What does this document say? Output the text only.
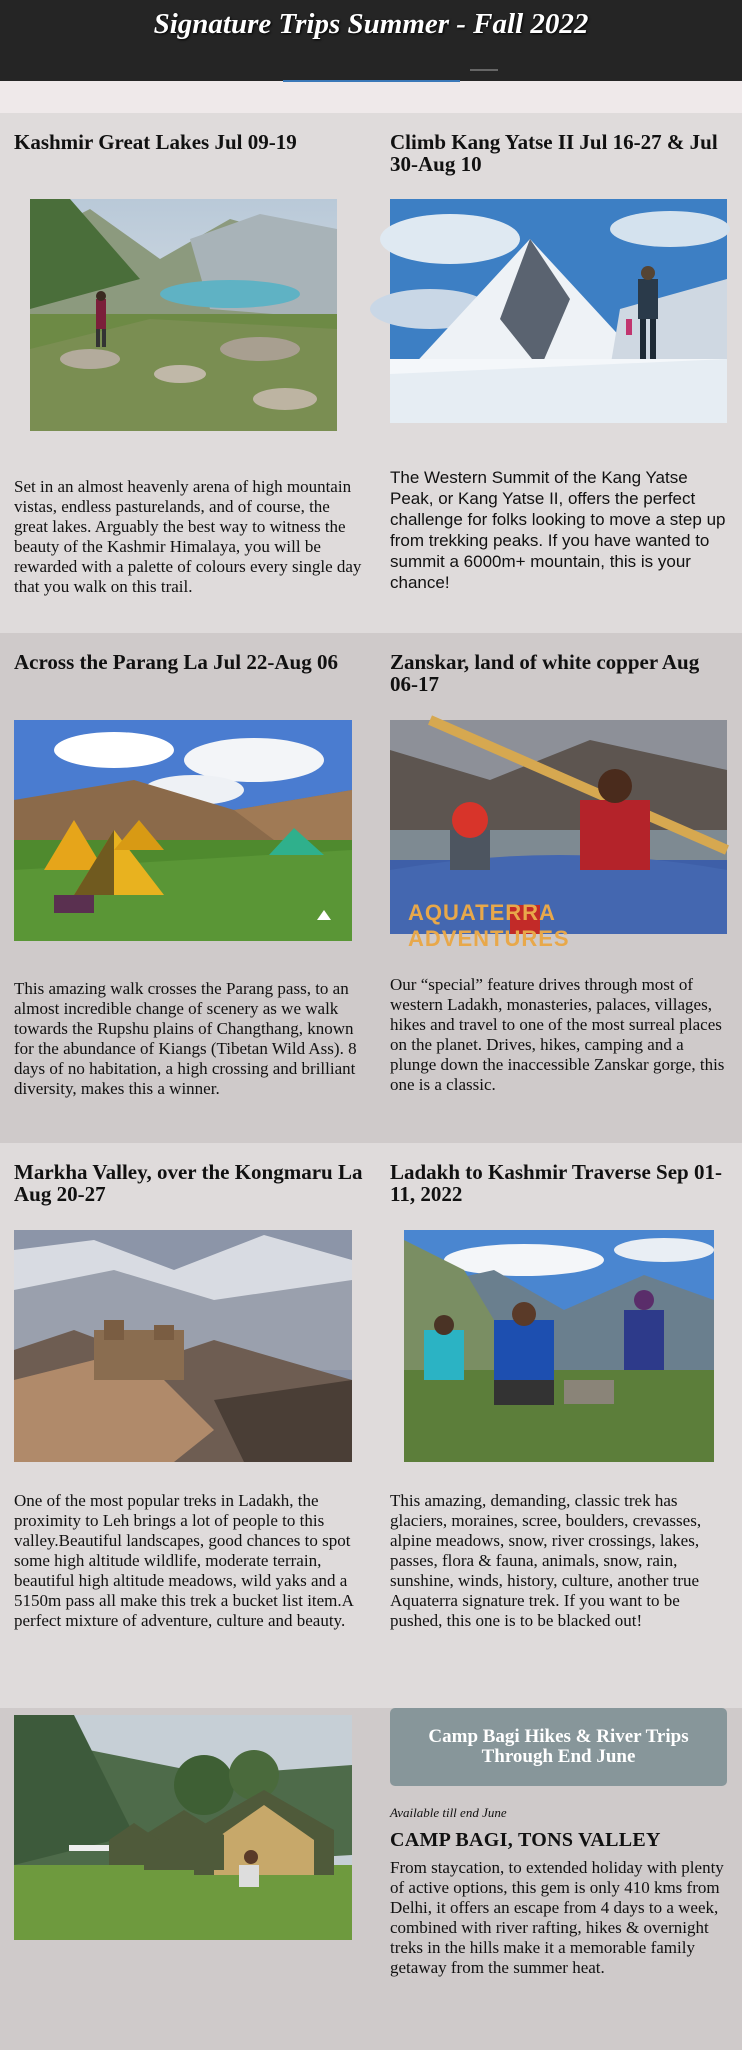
Signature Trips Summer - Fall 2022
Kashmir Great Lakes Jul 09-19
Set in an almost heavenly arena of high mountain vistas, endless pasturelands, and of course, the great lakes. Arguably the best way to witness the beauty of the Kashmir Himalaya, you will be rewarded with a palette of colours every single day that you walk on this trail.
Climb Kang Yatse II Jul 16-27 & Jul 30-Aug 10
The Western Summit of the Kang Yatse Peak, or Kang Yatse II, offers the perfect challenge for folks looking to move a step up from trekking peaks. If you have wanted to summit a 6000m+ mountain, this is your chance!
Across the Parang La Jul 22-Aug 06
This amazing walk crosses the Parang pass, to an almost incredible change of scenery as we walk towards the Rupshu plains of Changthang, known for the abundance of Kiangs (Tibetan Wild Ass). 8 days of no habitation, a high crossing and brilliant diversity, makes this a winner.
Zanskar, land of white copper Aug 06-17
AQUATERRA ADVENTURES
Our “special” feature drives through most of western Ladakh, monasteries, palaces, villages, hikes and travel to one of the most surreal places on the planet. Drives, hikes, camping and a plunge down the inaccessible Zanskar gorge, this one is a classic.
Markha Valley, over the Kongmaru La Aug 20-27
One of the most popular treks in Ladakh, the proximity to Leh brings a lot of people to this valley.Beautiful landscapes, good chances to spot some high altitude wildlife, moderate terrain, beautiful high altitude meadows, wild yaks and a 5150m pass all make this trek a bucket list item.A perfect mixture of adventure, culture and beauty.
Ladakh to Kashmir Traverse Sep 01-11, 2022
This amazing, demanding, classic trek has glaciers, moraines, scree, boulders, crevasses, alpine meadows, snow, river crossings, lakes, passes, flora & fauna, animals, snow, rain, sunshine, winds, history, culture, another true Aquaterra signature trek. If you want to be pushed, this one is to be blacked out!
Camp Bagi Hikes & River Trips Through End June
Available till end June
CAMP BAGI, TONS VALLEY
From staycation, to extended holiday with plenty of active options, this gem is only 410 kms from Delhi, it offers an escape from 4 days to a week, combined with river rafting, hikes & overnight treks in the hills make it a memorable family getaway from the summer heat.
